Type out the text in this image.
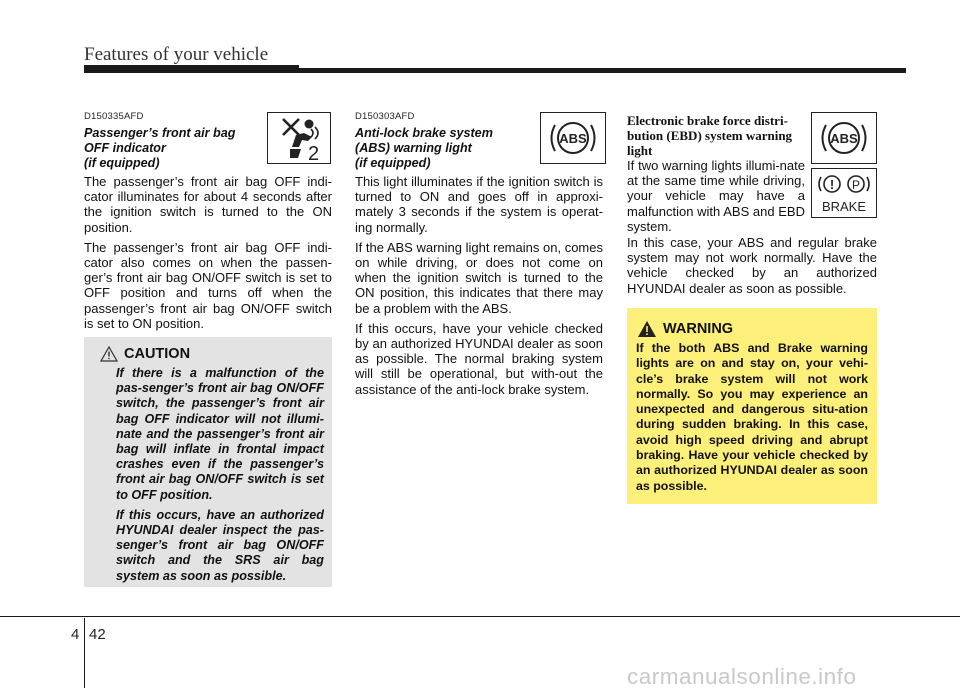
Features of your vehicle
D150335AFD
Passenger’s front air bag
OFF indicator
(if equipped)	2

The passenger’s front air bag OFF indi-cator illuminates for about 4 seconds after the ignition switch is turned to the ON position.

The passenger’s front air bag OFF indi-cator also comes on when the passen-ger’s front air bag ON/OFF switch is set to OFF position and turns off when the passenger’s front air bag ON/OFF switch is set to ON position.

CAUTION

If there is a malfunction of the pas-senger’s front air bag ON/OFF switch, the passenger’s front air bag OFF indicator will not illumi-nate and the passenger’s front air bag will inflate in frontal impact crashes even if the passenger’s front air bag ON/OFF switch is set to OFF position.

If this occurs, have an authorized HYUNDAI dealer inspect the pas-senger’s front air bag ON/OFF switch and the SRS air bag system as soon as possible.

D150303AFD
Anti-lock brake system
(ABS) warning light
(if equipped)
ABS

This light illuminates if the ignition switch is turned to ON and goes off in approxi-mately 3 seconds if the system is operat-ing normally.

If the ABS warning light remains on, comes on while driving, or does not come on when the ignition switch is turned to the ON position, this indicates that there may be a problem with the ABS.

If this occurs, have your vehicle checked by an authorized HYUNDAI dealer as soon as possible. The normal braking system will still be operational, but with-out the assistance of the anti-lock brake system.

Electronic brake force distri-
bution (EBD) system warning
light
ABS
! P
BRAKE

If two warning lights illumi-nate at the same time while driving, your vehicle may have a malfunction with ABS and EBD system.

In this case, your ABS and regular brake system may not work normally. Have the vehicle checked by an authorized HYUNDAI dealer as soon as possible.

WARNING
If the both ABS and Brake warning lights are on and stay on, your vehi-cle’s brake system will not work normally. So you may experience an unexpected and dangerous situ-ation during sudden braking. In this case, avoid high speed driving and abrupt braking. Have your vehicle checked by an authorized HYUNDAI dealer as soon as possible.
4 42
carmanualsonline.info
